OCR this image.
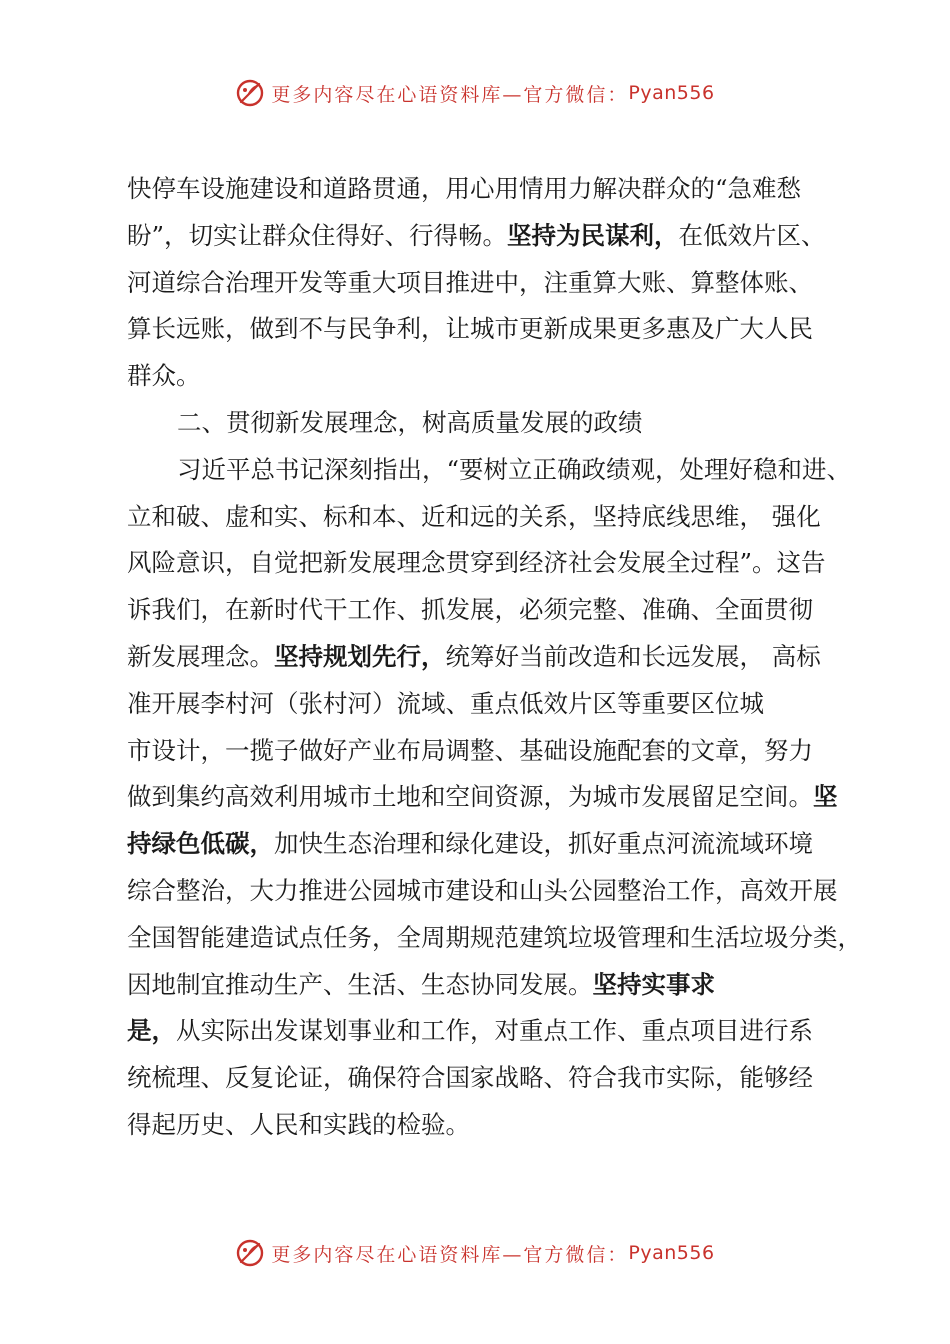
更多内容尽在心语资料库—官方微信： Pyan556
快停车设施建设和道路贯通，用心用情用力解决群众的“急难愁
盼”，切实让群众住得好、行得畅。坚持为民谋利，在低效片区、
河道综合治理开发等重大项目推进中，注重算大账、算整体账、
算长远账，做到不与民争利，让城市更新成果更多惠及广大人民
群众。
二、贯彻新发展理念，树高质量发展的政绩
习近平总书记深刻指出，“要树立正确政绩观，处理好稳和进、
立和破、虚和实、标和本、近和远的关系，坚持底线思维， 强化
风险意识，自觉把新发展理念贯穿到经济社会发展全过程”。这告
诉我们，在新时代干工作、抓发展，必须完整、准确、全面贯彻
新发展理念。坚持规划先行，统筹好当前改造和长远发展， 高标
准开展李村河（张村河）流域、重点低效片区等重要区位城
市设计，一揽子做好产业布局调整、基础设施配套的文章，努力
做到集约高效利用城市土地和空间资源，为城市发展留足空间。坚
持绿色低碳，加快生态治理和绿化建设，抓好重点河流流域环境
综合整治，大力推进公园城市建设和山头公园整治工作，高效开展
全国智能建造试点任务，全周期规范建筑垃圾管理和生活垃圾分类，
因地制宜推动生产、生活、生态协同发展。坚持实事求
是，从实际出发谋划事业和工作，对重点工作、重点项目进行系
统梳理、反复论证，确保符合国家战略、符合我市实际，能够经
得起历史、人民和实践的检验。
更多内容尽在心语资料库—官方微信： Pyan556
